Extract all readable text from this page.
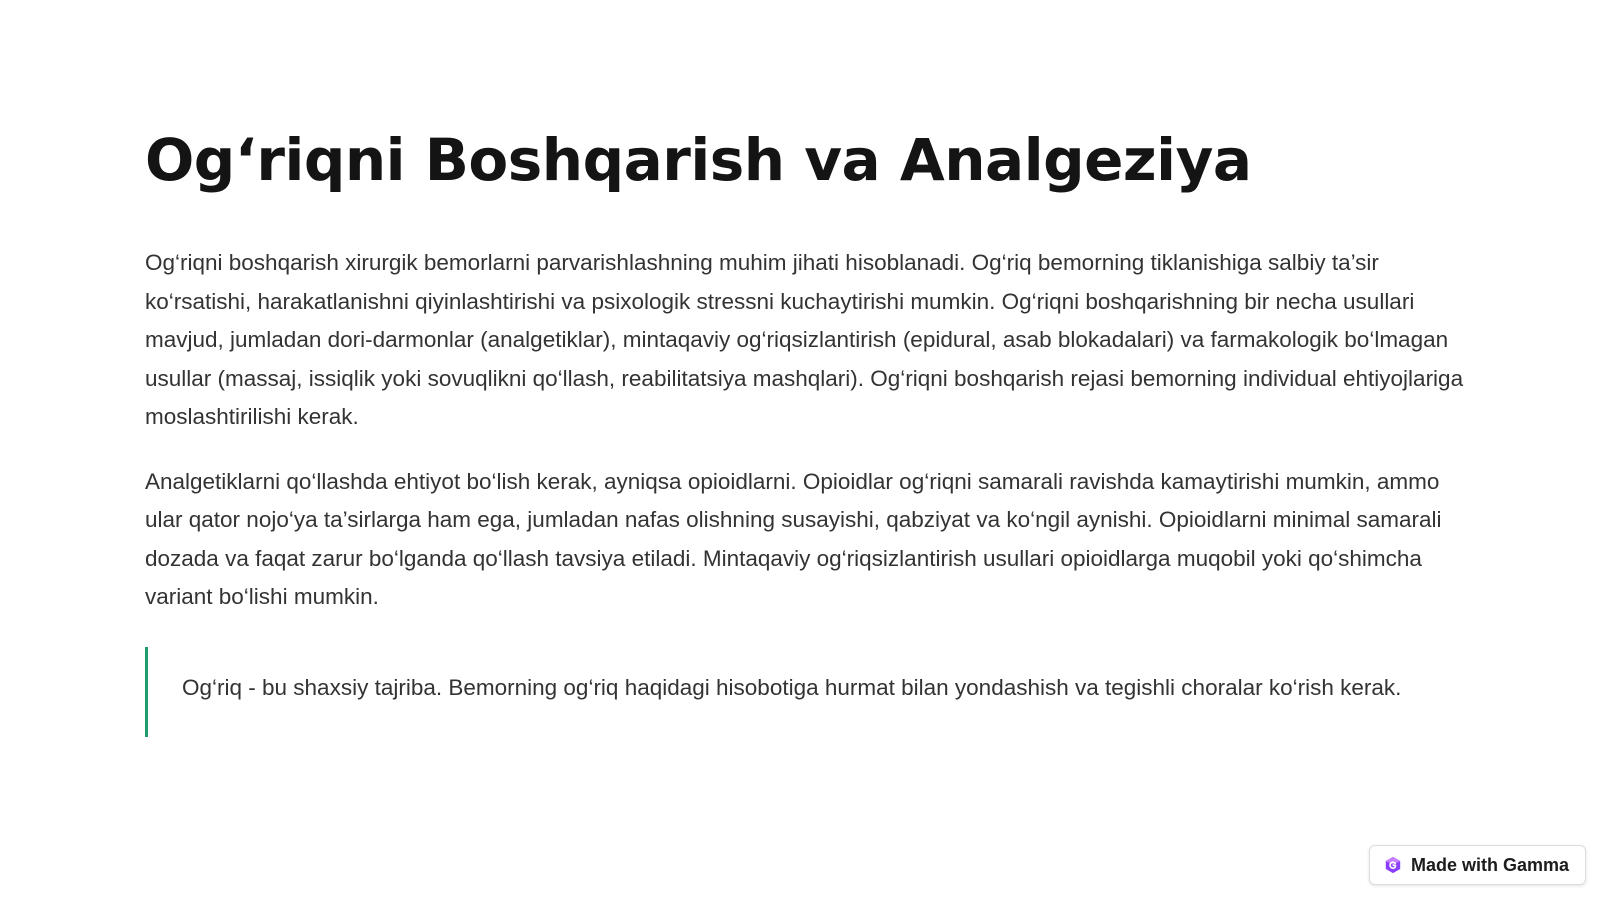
Og‘riqni Boshqarish va Analgeziya

Og‘riqni boshqarish xirurgik bemorlarni parvarishlashning muhim jihati hisoblanadi. Og‘riq bemorning tiklanishiga salbiy ta’sir ko‘rsatishi, harakatlanishni qiyinlashtirishi va psixologik stressni kuchaytirishi mumkin. Og‘riqni boshqarishning bir necha usullari mavjud, jumladan dori-darmonlar (analgetiklar), mintaqaviy og‘riqsizlantirish (epidural, asab blokadalari) va farmakologik bo‘lmagan usullar (massaj, issiqlik yoki sovuqlikni qo‘llash, reabilitatsiya mashqlari). Og‘riqni boshqarish rejasi bemorning individual ehtiyojlariga moslashtirilishi kerak.

Analgetiklarni qo‘llashda ehtiyot bo‘lish kerak, ayniqsa opioidlarni. Opioidlar og‘riqni samarali ravishda kamaytirishi mumkin, ammo ular qator nojo‘ya ta’sirlarga ham ega, jumladan nafas olishning susayishi, qabziyat va ko‘ngil aynishi. Opioidlarni minimal samarali dozada va faqat zarur bo‘lganda qo‘llash tavsiya etiladi. Mintaqaviy og‘riqsizlantirish usullari opioidlarga muqobil yoki qo‘shimcha variant bo‘lishi mumkin.

Og‘riq - bu shaxsiy tajriba. Bemorning og‘riq haqidagi hisobotiga hurmat bilan yondashish va tegishli choralar ko‘rish kerak.

Made with Gamma
